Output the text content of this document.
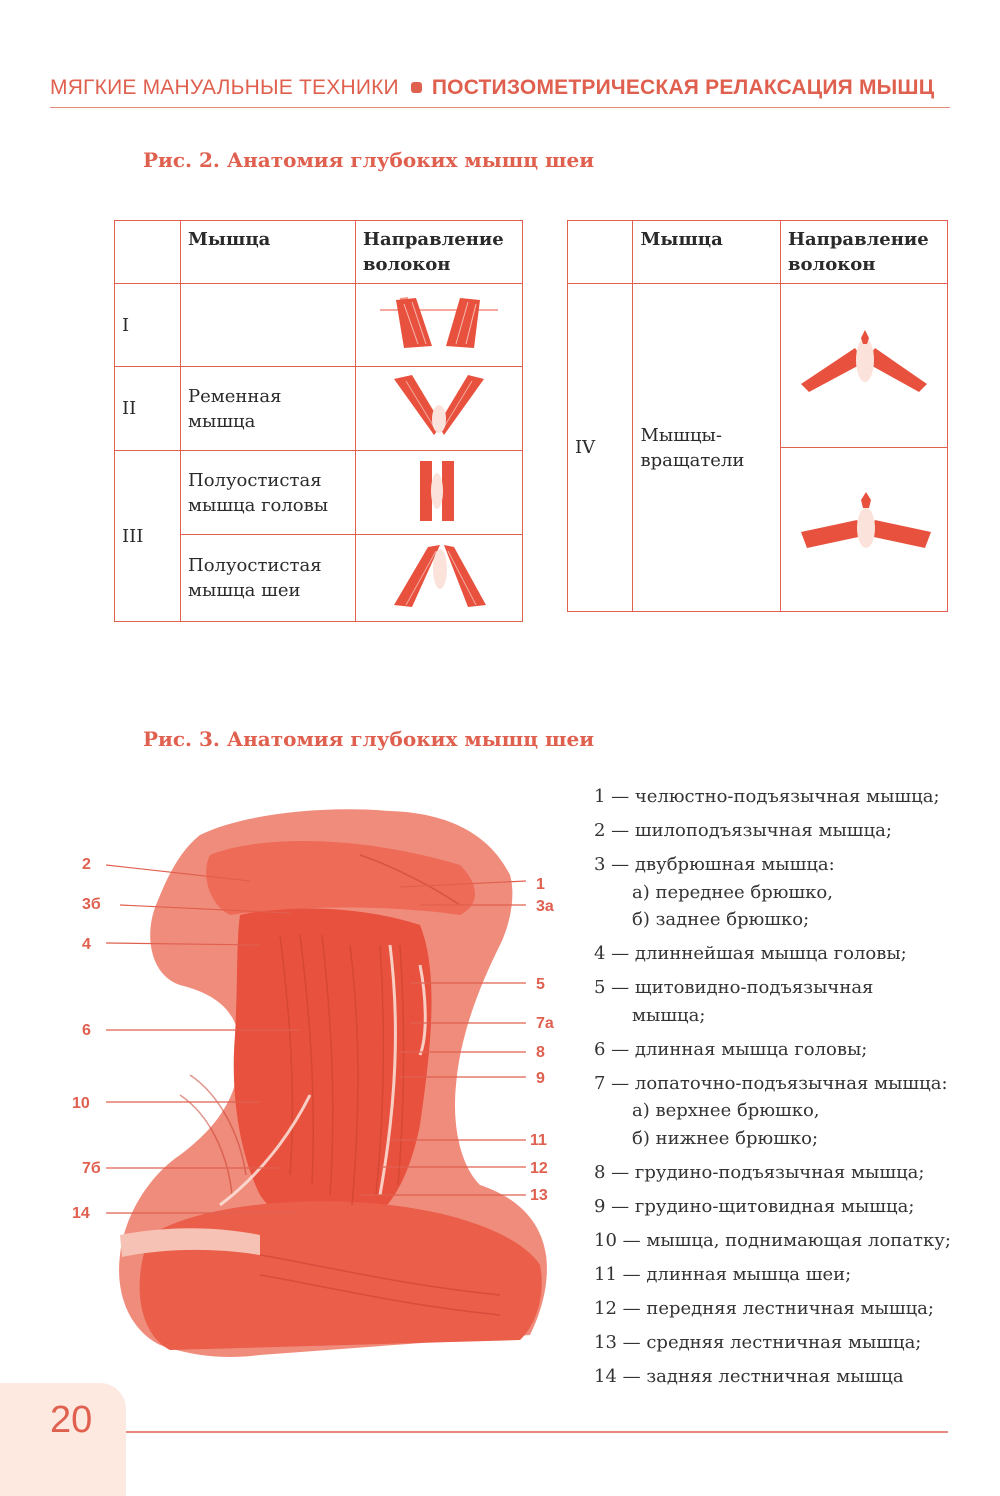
МЯГКИЕ МАНУАЛЬНЫЕ ТЕХНИКИ ПОСТИЗОМЕТРИЧЕСКАЯ РЕЛАКСАЦИЯ МЫШЦ
Рис. 2. Анатомия глубоких мышц шеи
	Мышца	Направление
волокон
I		
II	Ременная
мышца	
III	Полуостистая
мышца головы	
	Полуостистая
мышца шеи	
	Мышца	Направление
волокон
IV	Мышцы-
вращатели	

Рис. 3. Анатомия глубоких мышц шеи
2
3б
4
6
10
7б
14
1
3а
5
7а
8
9
11
12
13
1 — челюстно-подъязычная мышца;
2 — шилоподъязычная мышца;
3 — двубрюшная мышца:
а) переднее брюшко,
б) заднее брюшко;
4 — длиннейшая мышца головы;
5 — щитовидно-подъязычная
мышца;
6 — длинная мышца головы;
7 — лопаточно-подъязычная мышца:
а) верхнее брюшко,
б) нижнее брюшко;
8 — грудино-подъязычная мышца;
9 — грудино-щитовидная мышца;
10 — мышца, поднимающая лопатку;
11 — длинная мышца шеи;
12 — передняя лестничная мышца;
13 — средняя лестничная мышца;
14 — задняя лестничная мышца
20
